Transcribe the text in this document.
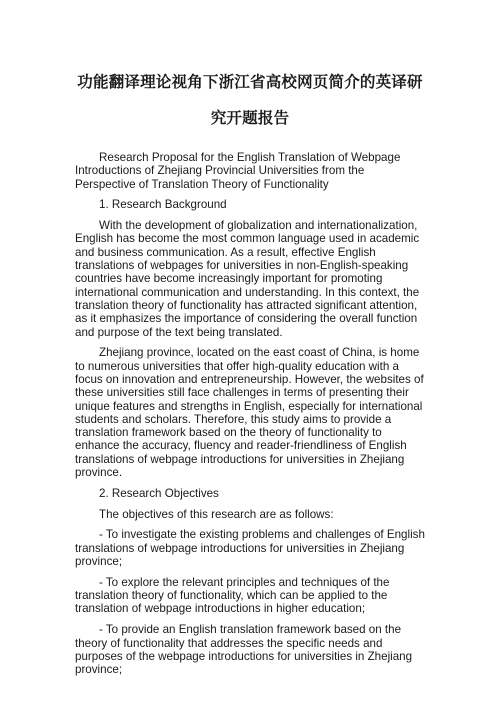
功能翻译理论视角下浙江省高校网页简介的英译研
究开题报告

Research Proposal for the English Translation of Webpage Introductions of Zhejiang Provincial Universities from the Perspective of Translation Theory of Functionality

1. Research Background

With the development of globalization and internationalization, English has become the most common language used in academic and business communication. As a result, effective English translations of webpages for universities in non-English-speaking countries have become increasingly important for promoting international communication and understanding. In this context, the translation theory of functionality has attracted significant attention, as it emphasizes the importance of considering the overall function and purpose of the text being translated.

Zhejiang province, located on the east coast of China, is home to numerous universities that offer high-quality education with a focus on innovation and entrepreneurship. However, the websites of these universities still face challenges in terms of presenting their unique features and strengths in English, especially for international students and scholars. Therefore, this study aims to provide a translation framework based on the theory of functionality to enhance the accuracy, fluency and reader-friendliness of English translations of webpage introductions for universities in Zhejiang province.

2. Research Objectives

The objectives of this research are as follows:

- To investigate the existing problems and challenges of English translations of webpage introductions for universities in Zhejiang province;

- To explore the relevant principles and techniques of the translation theory of functionality, which can be applied to the translation of webpage introductions in higher education;

- To provide an English translation framework based on the theory of functionality that addresses the specific needs and purposes of the webpage introductions for universities in Zhejiang province;
